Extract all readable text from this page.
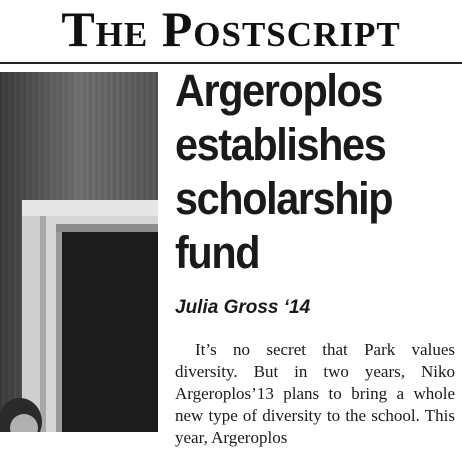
The Postscript
Argeroplos establishes scholarship fund
Julia Gross ‘14

It’s no secret that Park values diversity. But in two years, Niko Argeroplos’13 plans to bring a whole new type of diversity to the school. This year, Argeroplos
